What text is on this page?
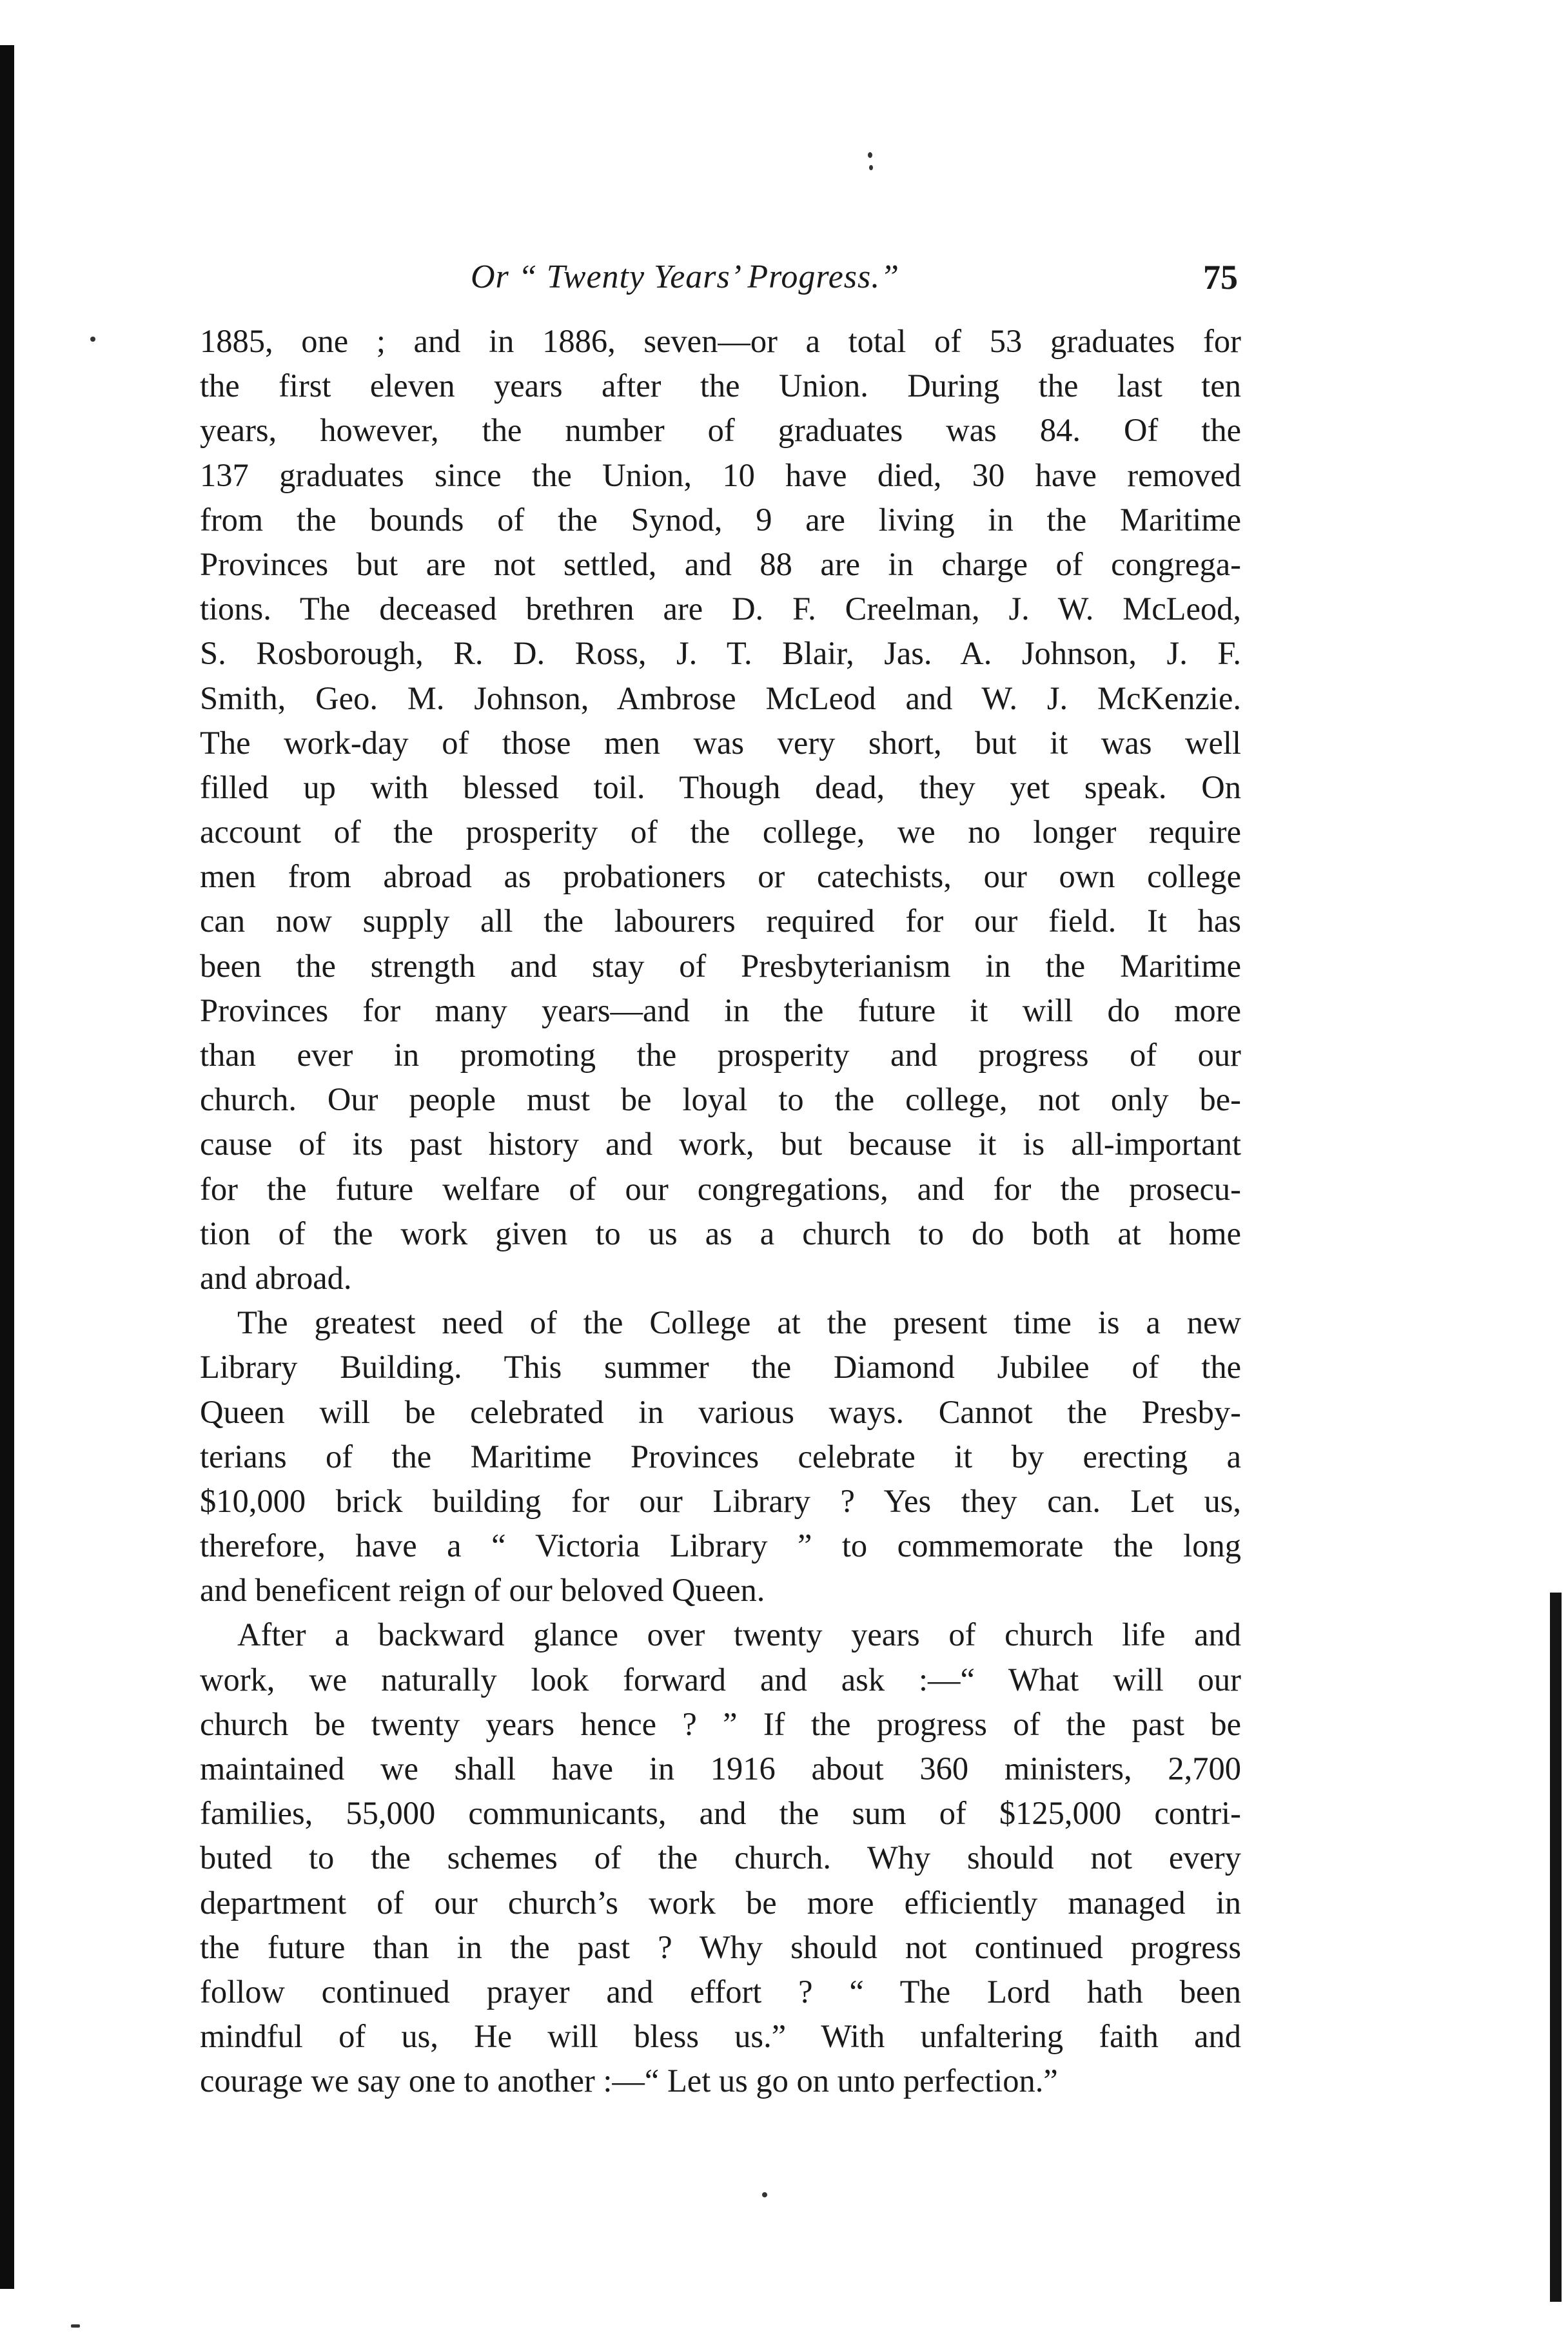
Or “ Twenty Years’ Progress.”	75
1885, one ; and in 1886, seven—or a total of 53 graduates for
the first eleven years after the Union. During the last ten
years, however, the number of graduates was 84. Of the
137 graduates since the Union, 10 have died, 30 have removed
from the bounds of the Synod, 9 are living in the Maritime
Provinces but are not settled, and 88 are in charge of congrega-
tions. The deceased brethren are D. F. Creelman, J. W. McLeod,
S. Rosborough, R. D. Ross, J. T. Blair, Jas. A. Johnson, J. F.
Smith, Geo. M. Johnson, Ambrose McLeod and W. J. McKenzie.
The work-day of those men was very short, but it was well
filled up with blessed toil. Though dead, they yet speak. On
account of the prosperity of the college, we no longer require
men from abroad as probationers or catechists, our own college
can now supply all the labourers required for our field. It has
been the strength and stay of Presbyterianism in the Maritime
Provinces for many years—and in the future it will do more
than ever in promoting the prosperity and progress of our
church. Our people must be loyal to the college, not only be-
cause of its past history and work, but because it is all-important
for the future welfare of our congregations, and for the prosecu-
tion of the work given to us as a church to do both at home
and abroad.
The greatest need of the College at the present time is a new
Library Building. This summer the Diamond Jubilee of the
Queen will be celebrated in various ways. Cannot the Presby-
terians of the Maritime Provinces celebrate it by erecting a
$10,000 brick building for our Library ? Yes they can. Let us,
therefore, have a “ Victoria Library ” to commemorate the long
and beneficent reign of our beloved Queen.
After a backward glance over twenty years of church life and
work, we naturally look forward and ask :—“ What will our
church be twenty years hence ? ” If the progress of the past be
maintained we shall have in 1916 about 360 ministers, 2,700
families, 55,000 communicants, and the sum of $125,000 contri-
buted to the schemes of the church. Why should not every
department of our church’s work be more efficiently managed in
the future than in the past ? Why should not continued progress
follow continued prayer and effort ? “ The Lord hath been
mindful of us, He will bless us.” With unfaltering faith and
courage we say one to another :—“ Let us go on unto perfection.”
